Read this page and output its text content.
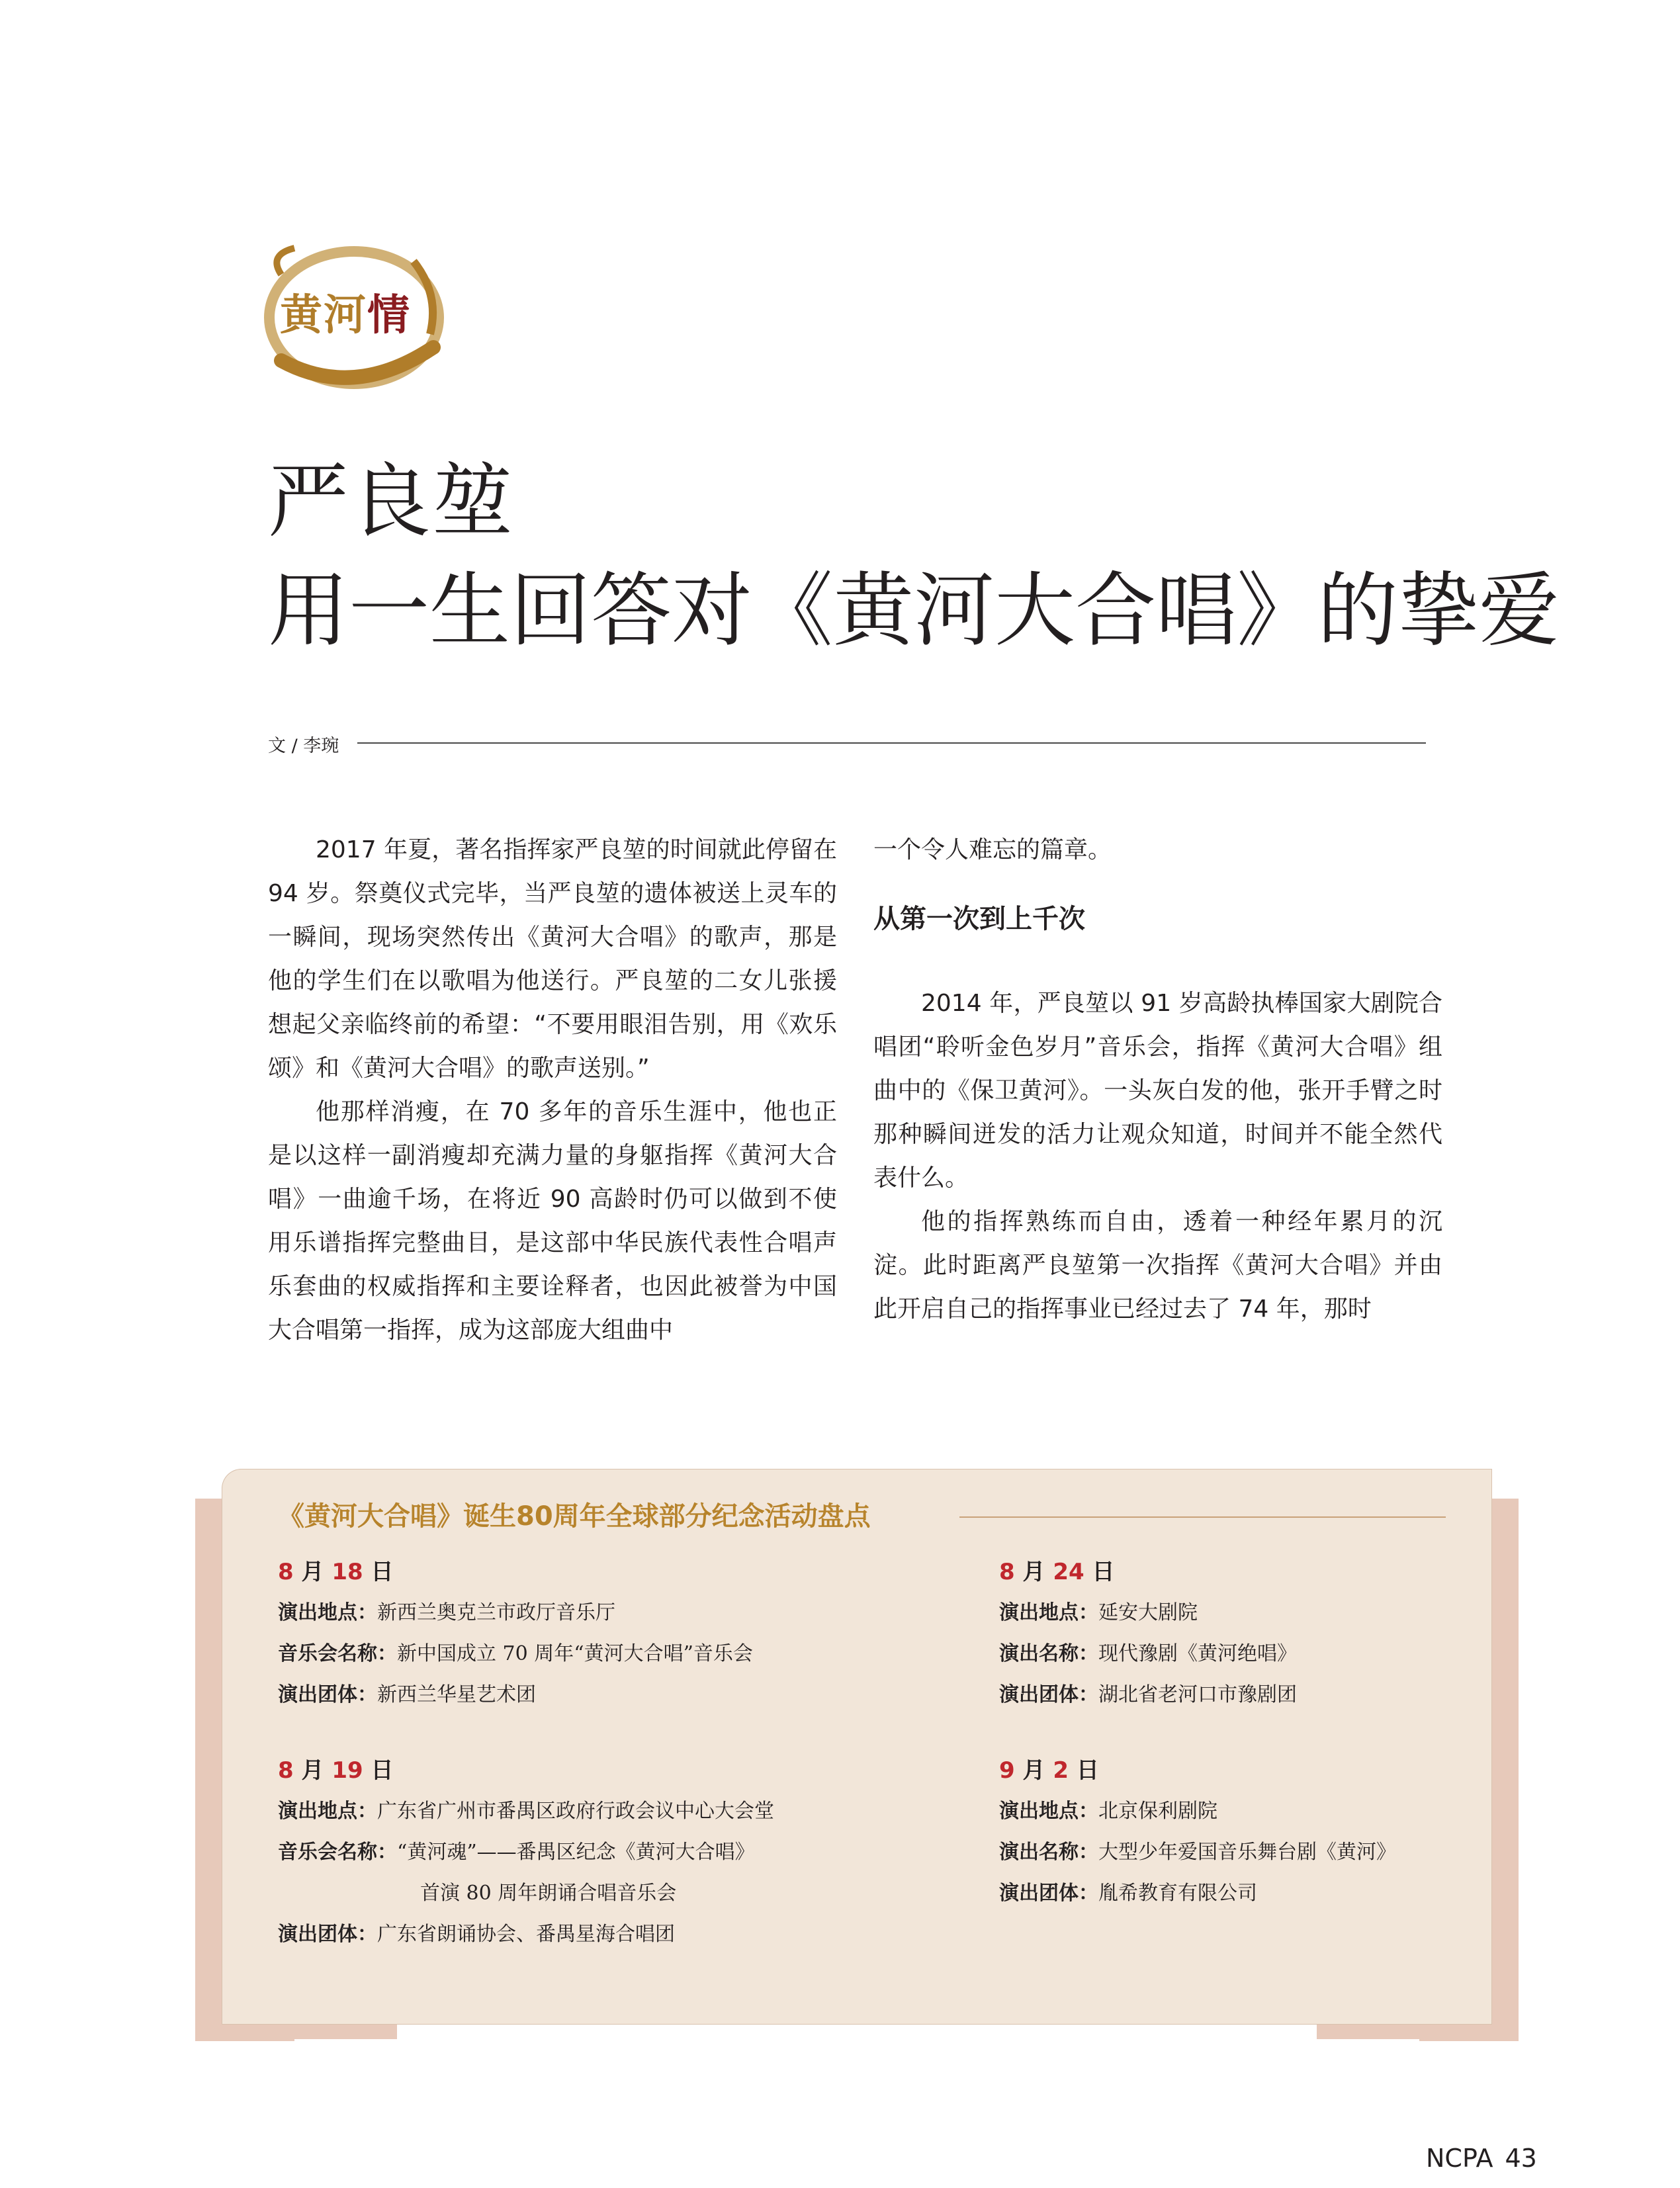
黄河情
严良堃
用一生回答对《黄河大合唱》的挚爱
文 / 李琬

2017 年夏，著名指挥家严良堃的时间就此停留在 94 岁。祭奠仪式完毕，当严良堃的遗体被送上灵车的一瞬间，现场突然传出《黄河大合唱》的歌声，那是他的学生们在以歌唱为他送行。严良堃的二女儿张援想起父亲临终前的希望：“不要用眼泪告别，用《欢乐颂》和《黄河大合唱》的歌声送别。”

他那样消瘦，在 70 多年的音乐生涯中，他也正是以这样一副消瘦却充满力量的身躯指挥《黄河大合唱》一曲逾千场，在将近 90 高龄时仍可以做到不使用乐谱指挥完整曲目，是这部中华民族代表性合唱声乐套曲的权威指挥和主要诠释者，也因此被誉为中国大合唱第一指挥，成为这部庞大组曲中

一个令人难忘的篇章。

从第一次到上千次

2014 年，严良堃以 91 岁高龄执棒国家大剧院合唱团“聆听金色岁月”音乐会，指挥《黄河大合唱》组曲中的《保卫黄河》。一头灰白发的他，张开手臂之时那种瞬间迸发的活力让观众知道，时间并不能全然代表什么。

他的指挥熟练而自由，透着一种经年累月的沉淀。此时距离严良堃第一次指挥《黄河大合唱》并由此开启自己的指挥事业已经过去了 74 年，那时

《黄河大合唱》诞生80周年全球部分纪念活动盘点
8 月 18 日
演出地点：新西兰奥克兰市政厅音乐厅
音乐会名称：新中国成立 70 周年“黄河大合唱”音乐会
演出团体：新西兰华星艺术团
8 月 19 日
演出地点：广东省广州市番禺区政府行政会议中心大会堂
音乐会名称：“黄河魂”——番禺区纪念《黄河大合唱》
首演 80 周年朗诵合唱音乐会
演出团体：广东省朗诵协会、番禺星海合唱团
8 月 24 日
演出地点：延安大剧院
演出名称：现代豫剧《黄河绝唱》
演出团体：湖北省老河口市豫剧团
9 月 2 日
演出地点：北京保利剧院
演出名称：大型少年爱国音乐舞台剧《黄河》
演出团体：胤希教育有限公司
NCPA 43
